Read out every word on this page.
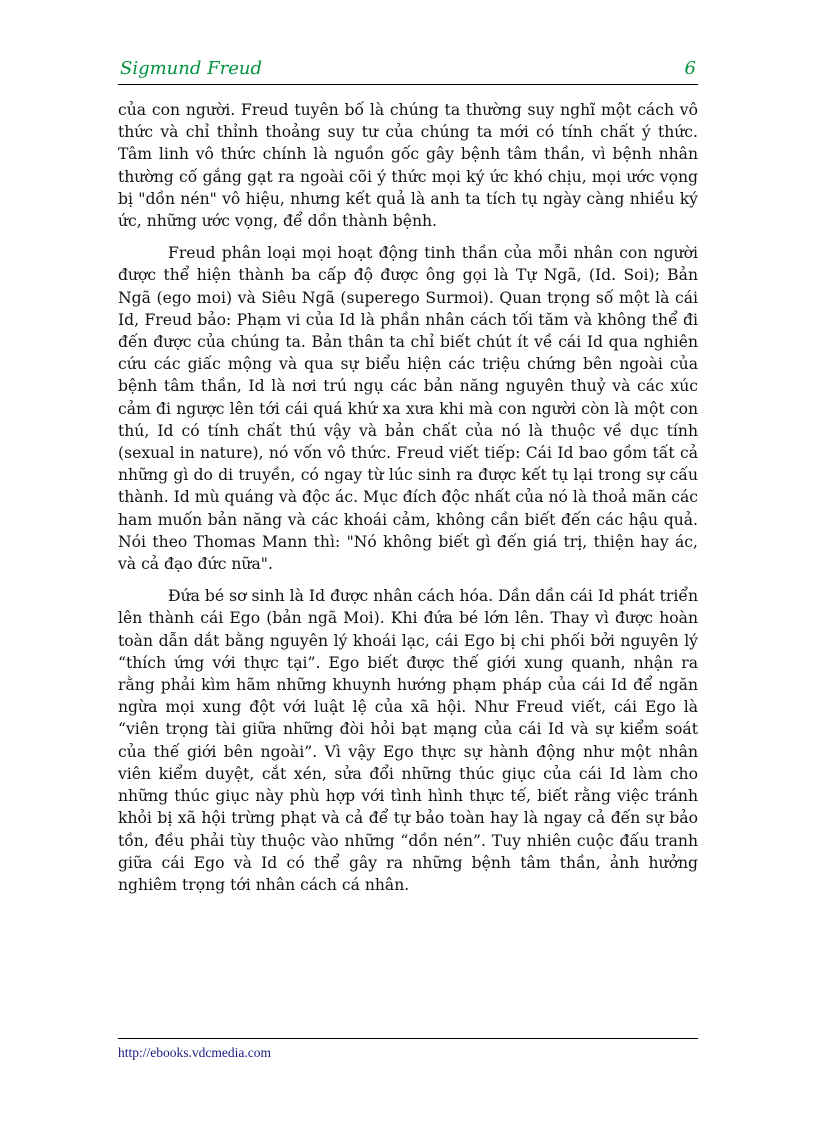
Sigmund Freud	6

của con người. Freud tuyên bố là chúng ta thường suy nghĩ một cách vô thức và chỉ thỉnh thoảng suy tư của chúng ta mới có tính chất ý thức. Tâm linh vô thức chính là nguồn gốc gây bệnh tâm thần, vì bệnh nhân thường cố gắng gạt ra ngoài cõi ý thức mọi ký ức khó chịu, mọi ước vọng bị "dồn nén" vô hiệu, nhưng kết quả là anh ta tích tụ ngày càng nhiều ký ức, những ước vọng, để dồn thành bệnh.

Freud phân loại mọi hoạt động tinh thần của mỗi nhân con người được thể hiện thành ba cấp độ được ông gọi là Tự Ngã, (Id. Soi); Bản Ngã (ego moi) và Siêu Ngã (superego Surmoi). Quan trọng số một là cái Id, Freud bảo: Phạm vi của Id là phần nhân cách tối tăm và không thể đi đến được của chúng ta. Bản thân ta chỉ biết chút ít về cái Id qua nghiên cứu các giấc mộng và qua sự biểu hiện các triệu chứng bên ngoài của bệnh tâm thần, Id là nơi trú ngụ các bản năng nguyên thuỷ và các xúc cảm đi ngược lên tới cái quá khứ xa xưa khi mà con người còn là một con thú, Id có tính chất thú vậy và bản chất của nó là thuộc về dục tính (sexual in nature), nó vốn vô thức. Freud viết tiếp: Cái Id bao gồm tất cả những gì do di truyền, có ngay từ lúc sinh ra được kết tụ lại trong sự cấu thành. Id mù quáng và độc ác. Mục đích độc nhất của nó là thoả mãn các ham muốn bản năng và các khoái cảm, không cần biết đến các hậu quả. Nói theo Thomas Mann thì: "Nó không biết gì đến giá trị, thiện hay ác, và cả đạo đức nữa".

Đứa bé sơ sinh là Id được nhân cách hóa. Dần dần cái Id phát triển lên thành cái Ego (bản ngã Moi). Khi đứa bé lớn lên. Thay vì được hoàn toàn dẫn dắt bằng nguyên lý khoái lạc, cái Ego bị chi phối bởi nguyên lý “thích ứng với thực tại”. Ego biết được thế giới xung quanh, nhận ra rằng phải kìm hãm những khuynh hướng phạm pháp của cái Id để ngăn ngừa mọi xung đột với luật lệ của xã hội. Như Freud viết, cái Ego là “viên trọng tài giữa những đòi hỏi bạt mạng của cái Id và sự kiểm soát của thế giới bên ngoài”. Vì vậy Ego thực sự hành động như một nhân viên kiểm duyệt, cắt xén, sửa đổi những thúc giục của cái Id làm cho những thúc giục này phù hợp với tình hình thực tế, biết rằng việc tránh khỏi bị xã hội trừng phạt và cả để tự bảo toàn hay là ngay cả đến sự bảo tồn, đều phải tùy thuộc vào những “dồn nén”. Tuy nhiên cuộc đấu tranh giữa cái Ego và Id có thể gây ra những bệnh tâm thần, ảnh hưởng nghiêm trọng tới nhân cách cá nhân.

http://ebooks.vdcmedia.com
